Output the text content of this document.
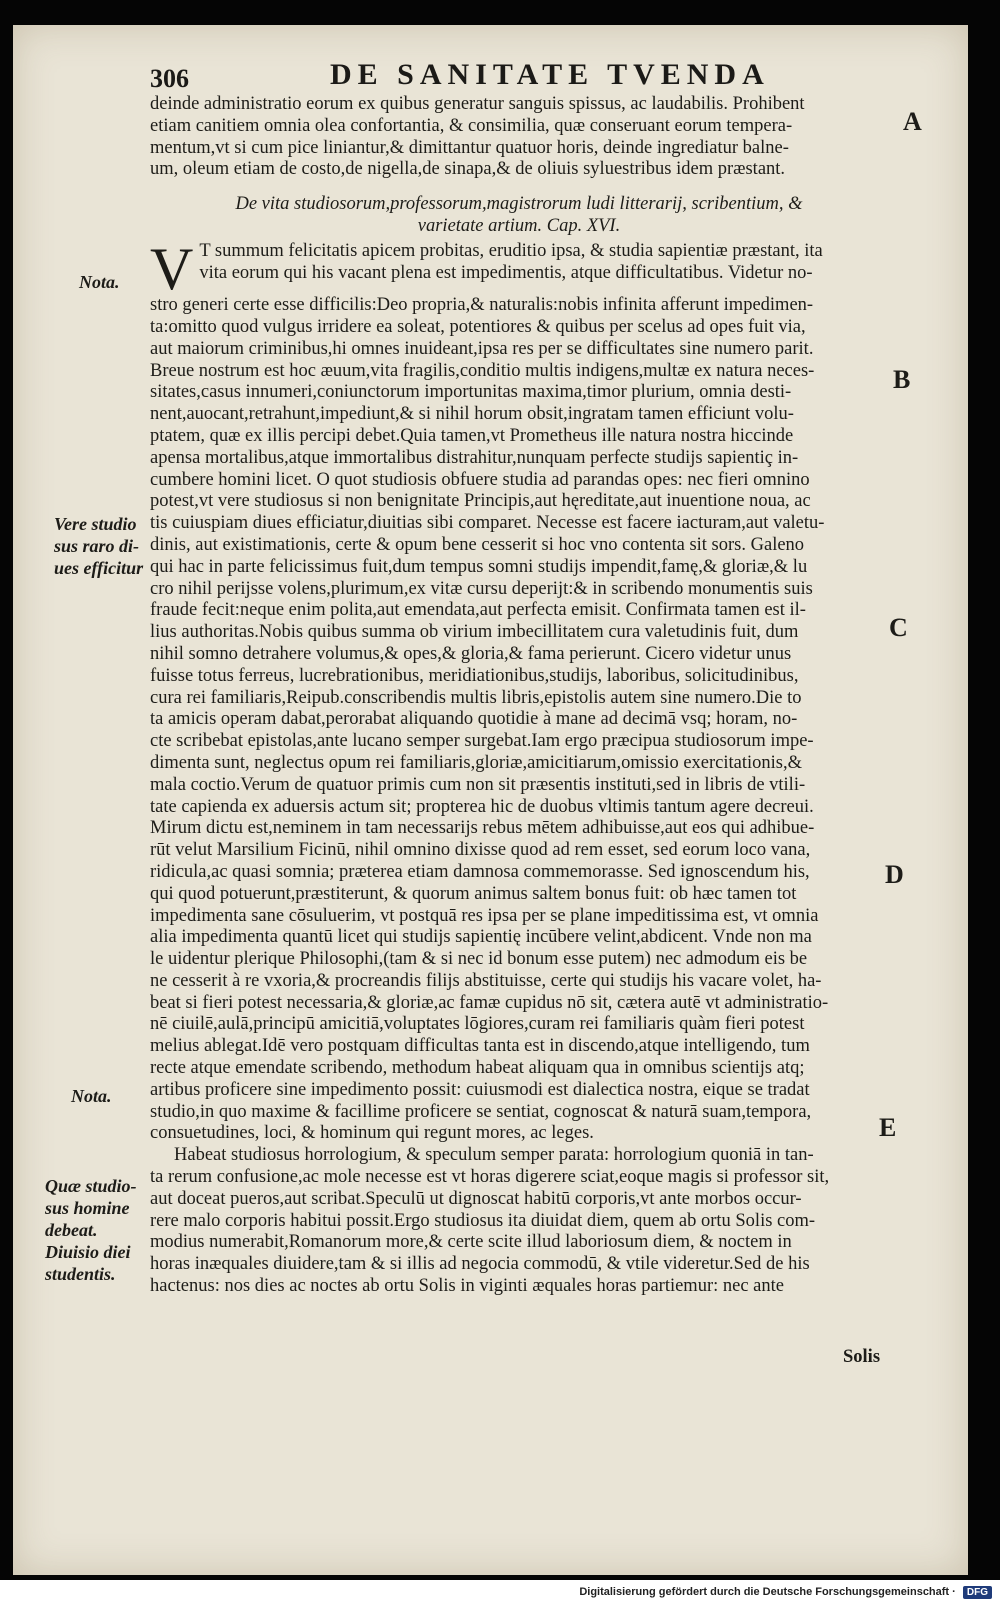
306	DE SANITATE TVENDA
deinde administratio eorum ex quibus generatur sanguis spissus, ac laudabilis. Prohibent
etiam canitiem omnia olea confortantia, & consimilia, quæ conseruant eorum tempera-
mentum,vt si cum pice liniantur,& dimittantur quatuor horis, deinde ingrediatur balne-
um, oleum etiam de costo,de nigella,de sinapa,& de oliuis syluestribus idem præstant.
De vita studiosorum,professorum,magistrorum ludi litterarij, scribentium, &
varietate artium. Cap. XVI.
V T summum felicitatis apicem probitas, eruditio ipsa, & studia sapientiæ præstant, ita
vita eorum qui his vacant plena est impedimentis, atque difficultatibus. Videtur no-
stro generi certe esse difficilis:Deo propria,& naturalis:nobis infinita afferunt impedimen-
ta:omitto quod vulgus irridere ea soleat, potentiores & quibus per scelus ad opes fuit via,
aut maiorum criminibus,hi omnes inuideant,ipsa res per se difficultates sine numero parit.
Breue nostrum est hoc æuum,vita fragilis,conditio multis indigens,multæ ex natura neces-
sitates,casus innumeri,coniunctorum importunitas maxima,timor plurium, omnia desti-
nent,auocant,retrahunt,impediunt,& si nihil horum obsit,ingratam tamen efficiunt volu-
ptatem, quæ ex illis percipi debet.Quia tamen,vt Prometheus ille natura nostra hiccinde
apensa mortalibus,atque immortalibus distrahitur,nunquam perfecte studijs sapientiç in-
cumbere homini licet. O quot studiosis obfuere studia ad parandas opes: nec fieri omnino
potest,vt vere studiosus si non benignitate Principis,aut hęreditate,aut inuentione noua, ac
tis cuiuspiam diues efficiatur,diuitias sibi comparet. Necesse est facere iacturam,aut valetu-
dinis, aut existimationis, certe & opum bene cesserit si hoc vno contenta sit sors. Galeno
qui hac in parte felicissimus fuit,dum tempus somni studijs impendit,famę,& gloriæ,& lu
cro nihil perijsse volens,plurimum,ex vitæ cursu deperijt:& in scribendo monumentis suis
fraude fecit:neque enim polita,aut emendata,aut perfecta emisit. Confirmata tamen est il-
lius authoritas.Nobis quibus summa ob virium imbecillitatem cura valetudinis fuit, dum
nihil somno detrahere volumus,& opes,& gloria,& fama perierunt. Cicero videtur unus
fuisse totus ferreus, lucrebrationibus, meridiationibus,studijs, laboribus, solicitudinibus,
cura rei familiaris,Reipub.conscribendis multis libris,epistolis autem sine numero.Die to
ta amicis operam dabat,perorabat aliquando quotidie à mane ad decimā vsq; horam, no-
cte scribebat epistolas,ante lucano semper surgebat.Iam ergo præcipua studiosorum impe-
dimenta sunt, neglectus opum rei familiaris,gloriæ,amicitiarum,omissio exercitationis,&
mala coctio.Verum de quatuor primis cum non sit præsentis instituti,sed in libris de vtili-
tate capienda ex aduersis actum sit; propterea hic de duobus vltimis tantum agere decreui.
Mirum dictu est,neminem in tam necessarijs rebus mētem adhibuisse,aut eos qui adhibue-
rūt velut Marsilium Ficinū, nihil omnino dixisse quod ad rem esset, sed eorum loco vana,
ridicula,ac quasi somnia; præterea etiam damnosa commemorasse. Sed ignoscendum his,
qui quod potuerunt,præstiterunt, & quorum animus saltem bonus fuit: ob hæc tamen tot
impedimenta sane cōsuluerim, vt postquā res ipsa per se plane impeditissima est, vt omnia
alia impedimenta quantū licet qui studijs sapientię incūbere velint,abdicent. Vnde non ma
le uidentur plerique Philosophi,(tam & si nec id bonum esse putem) nec admodum eis be
ne cesserit à re vxoria,& procreandis filijs abstituisse, certe qui studijs his vacare volet, ha-
beat si fieri potest necessaria,& gloriæ,ac famæ cupidus nō sit, cætera autē vt administratio-
nē ciuilē,aulā,principū amicitiā,voluptates lōgiores,curam rei familiaris quàm fieri potest
melius ablegat.Idē vero postquam difficultas tanta est in discendo,atque intelligendo, tum
recte atque emendate scribendo, methodum habeat aliquam qua in omnibus scientijs atq;
artibus proficere sine impedimento possit: cuiusmodi est dialectica nostra, eique se tradat
studio,in quo maxime & facillime proficere se sentiat, cognoscat & naturā suam,tempora,
consuetudines, loci, & hominum qui regunt mores, ac leges.
Habeat studiosus horrologium, & speculum semper parata: horrologium quoniā in tan-
ta rerum confusione,ac mole necesse est vt horas digerere sciat,eoque magis si professor sit,
aut doceat pueros,aut scribat.Speculū ut dignoscat habitū corporis,vt ante morbos occur-
rere malo corporis habitui possit.Ergo studiosus ita diuidat diem, quem ab ortu Solis com-
modius numerabit,Romanorum more,& certe scite illud laboriosum diem, & noctem in
horas inæquales diuidere,tam & si illis ad negocia commodū, & vtile videretur.Sed de his
hactenus: nos dies ac noctes ab ortu Solis in viginti æquales horas partiemur: nec ante
Nota.
Vere studio
sus raro di-
ues efficitur
Nota.
Quæ studio-
sus homine
debeat.
Diuisio diei
studentis.
A
B
C
D
E
Solis
Digitalisierung gefördert durch die Deutsche Forschungsgemeinschaft · DFG
